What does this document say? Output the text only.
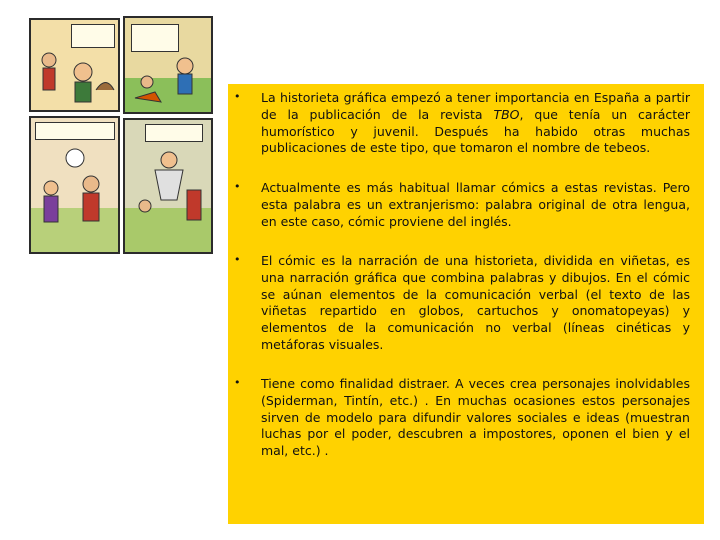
• La historieta gráfica empezó a tener importancia en España a partir de la publicación de la revista TBO, que tenía un carácter humorístico y juvenil. Después ha habido otras muchas publicaciones de este tipo, que tomaron el nombre de tebeos.
• Actualmente es más habitual llamar cómics a estas revistas. Pero esta palabra es un extranjerismo: palabra original de otra lengua, en este caso, cómic proviene del inglés.
• El cómic es la narración de una historieta, dividida en viñetas, es una narración gráfica que combina palabras y dibujos. En el cómic se aúnan elementos de la comunicación verbal (el texto de las viñetas repartido en globos, cartuchos y onomatopeyas) y elementos de la comunicación no verbal (líneas cinéticas y metáforas visuales.
• Tiene como finalidad distraer. A veces crea personajes inolvidables (Spiderman, Tintín, etc.) . En muchas ocasiones estos personajes sirven de modelo para difundir valores sociales e ideas (muestran luchas por el poder, descubren a impostores, oponen el bien y el mal, etc.) .
